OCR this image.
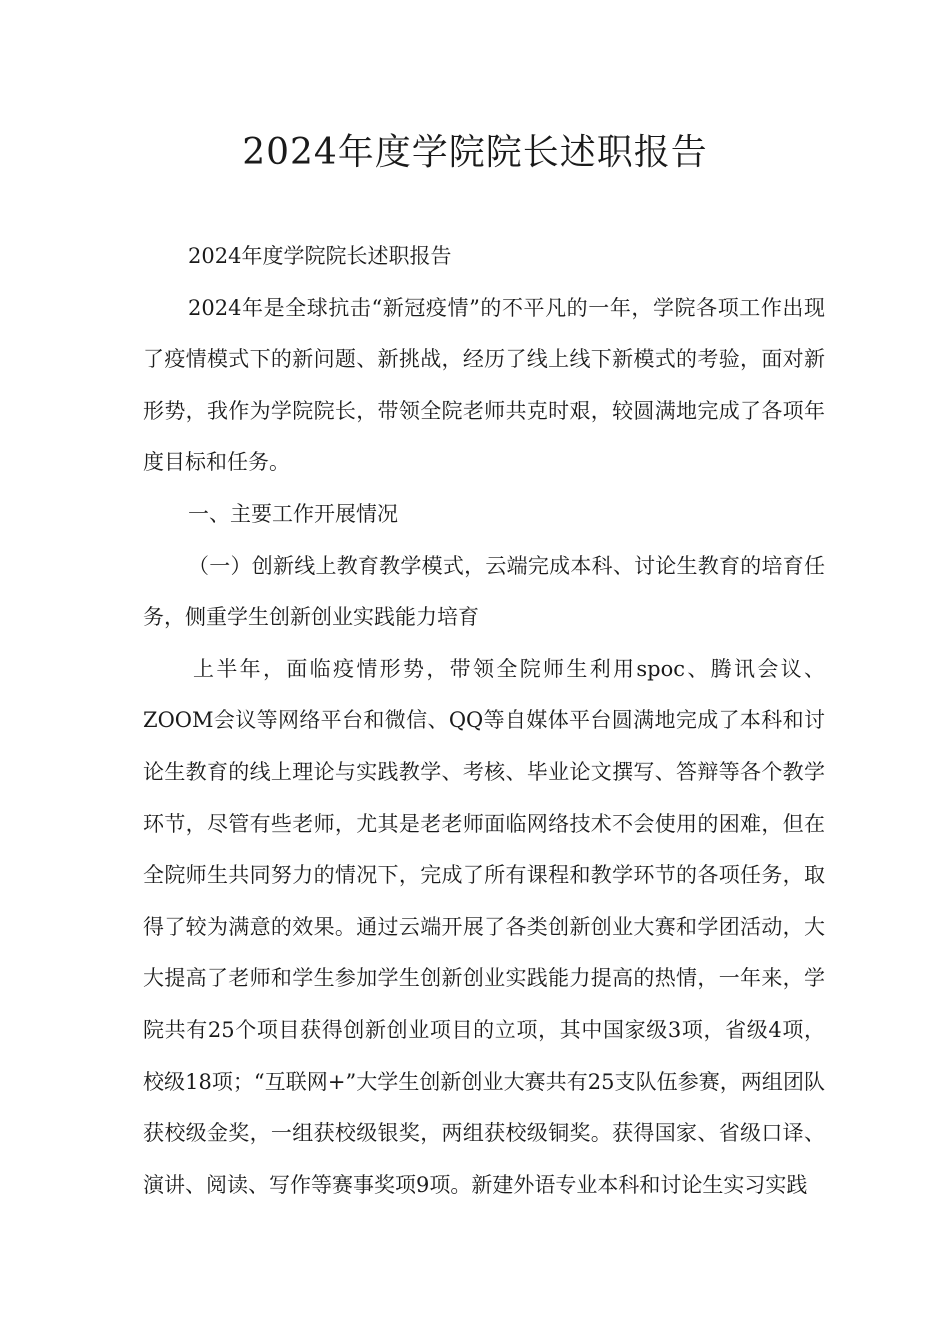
2024年度学院院长述职报告

2024年度学院院长述职报告

2024年是全球抗击“新冠疫情”的不平凡的一年，学院各项工作出现了疫情模式下的新问题、新挑战，经历了线上线下新模式的考验，面对新形势，我作为学院院长，带领全院老师共克时艰，较圆满地完成了各项年度目标和任务。

一、主要工作开展情况

（一）创新线上教育教学模式，云端完成本科、讨论生教育的培育任务，侧重学生创新创业实践能力培育

上半年，面临疫情形势，带领全院师生利用spoc、腾讯会议、ZOOM会议等网络平台和微信、QQ等自媒体平台圆满地完成了本科和讨论生教育的线上理论与实践教学、考核、毕业论文撰写、答辩等各个教学环节，尽管有些老师，尤其是老老师面临网络技术不会使用的困难，但在全院师生共同努力的情况下，完成了所有课程和教学环节的各项任务，取得了较为满意的效果。通过云端开展了各类创新创业大赛和学团活动，大大提高了老师和学生参加学生创新创业实践能力提高的热情，一年来，学院共有25个项目获得创新创业项目的立项，其中国家级3项，省级4项，校级18项；“互联网+”大学生创新创业大赛共有25支队伍参赛，两组团队获校级金奖，一组获校级银奖，两组获校级铜奖。获得国家、省级口译、演讲、阅读、写作等赛事奖项9项。新建外语专业本科和讨论生实习实践
